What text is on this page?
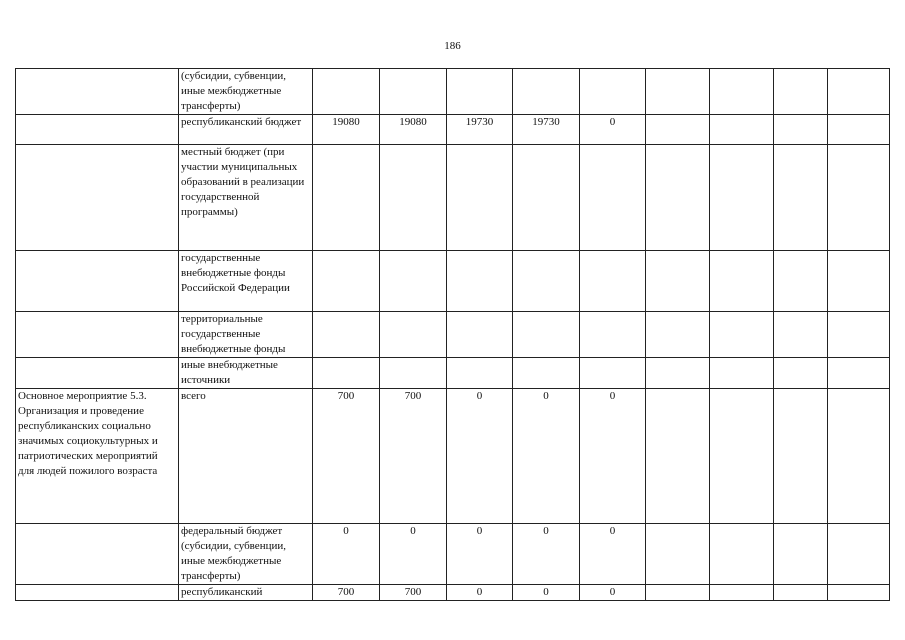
186
	(субсидии, субвенции, иные межбюджетные трансферты)									
	республиканский бюджет	19080	19080	19730	19730	0				
	местный бюджет (при участии муниципальных образований в реализации государственной программы)									
	государственные внебюджетные фонды Российской Федерации									
	территориальные государственные внебюджетные фонды									
	иные внебюджетные источники									
Основное мероприятие 5.3. Организация и проведение республиканских социально значимых социокультурных и патриотических мероприятий для людей пожилого возраста	всего	700	700	0	0	0				
	федеральный бюджет (субсидии, субвенции, иные межбюджетные трансферты)	0	0	0	0	0				
	республиканский	700	700	0	0	0				
